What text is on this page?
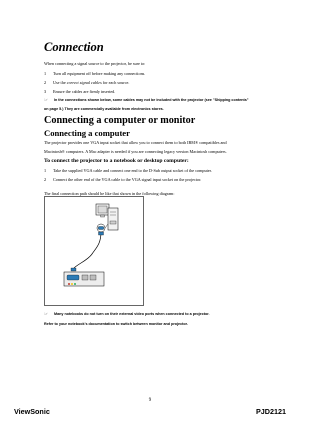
Connection

When connecting a signal source to the projector, be sure to:

1 Turn all equipment off before making any connections.
2 Use the correct signal cables for each source.
3 Ensure the cables are firmly inserted.
☞ In the connections shown below, some cables may not be included with the projector (see "Shipping contents"
on page 5.) They are commercially available from electronics stores.
Connecting a computer or monitor
Connecting a computer

The projector provides one VGA input socket that allow you to connect them to both IBM® compatibles and

Macintosh® computers. A Mac adapter is needed if you are connecting legacy version Macintosh computers.

To connect the projector to a notebook or desktop computer:
1 Take the supplied VGA cable and connect one end to the D-Sub output socket of the computer.
2 Connect the other end of the VGA cable to the VGA signal input socket on the projector.

The final connection path should be like that shown in the following diagram:

☞ Many notebooks do not turn on their external video ports when connected to a projector.
Refer to your notebook's documentation to switch between monitor and projector.
9
ViewSonic	PJD2121
